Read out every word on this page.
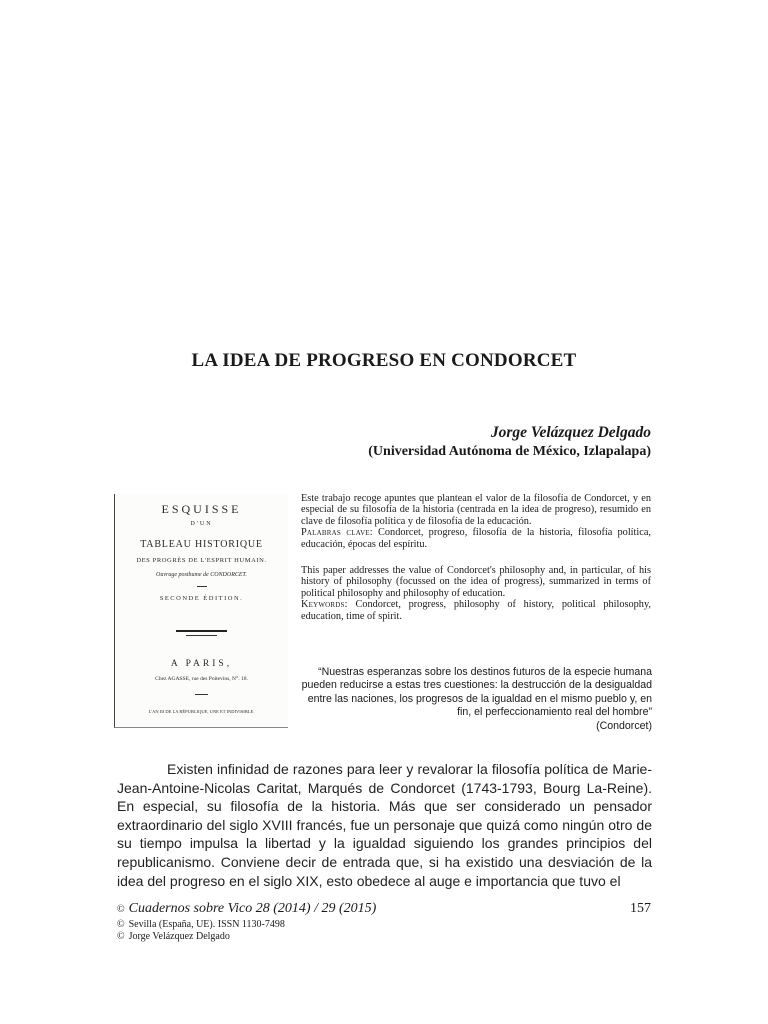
LA IDEA DE PROGRESO EN CONDORCET
Jorge Velázquez Delgado
(Universidad Autónoma de México, Izlapalapa)
ESQUISSE
D'UN
TABLEAU HISTORIQUE
DES PROGRÈS DE L'ESPRIT HUMAIN.
Ouvrage posthume de CONDORCET.
SECONDE ÉDITION.
A PARIS,
Chez AGASSE, rue des Poitevins, N°. 18.
L'AN III DE LA RÉPUBLIQUE, UNE ET INDIVISIBLE.
Este trabajo recoge apuntes que plantean el valor de la filosofía de Condorcet, y en especial de su filosofía de la historia (centrada en la idea de progreso), resumido en clave de filosofía política y de filosofía de la educación.
Palabras clave: Condorcet, progreso, filosofía de la historia, filosofía política, educación, épocas del espíritu.
This paper addresses the value of Condorcet's philosophy and, in particular, of his history of philosophy (focussed on the idea of progress), summarized in terms of political philosophy and philosophy of education.
Keywords: Condorcet, progress, philosophy of history, political philosophy, education, time of spirit.
“Nuestras esperanzas sobre los destinos futuros de la especie humana
pueden reducirse a estas tres cuestiones: la destrucción de la desigualdad
entre las naciones, los progresos de la igualdad en el mismo pueblo y, en
fin, el perfeccionamiento real del hombre”
(Condorcet)
Existen infinidad de razones para leer y revalorar la filosofía política de Marie-Jean-Antoine-Nicolas Caritat, Marqués de Condorcet (1743-1793, Bourg La-Reine). En especial, su filosofía de la historia. Más que ser considerado un pensador extraordinario del siglo XVIII francés, fue un personaje que quizá como ningún otro de su tiempo impulsa la libertad y la igualdad siguiendo los grandes principios del republicanismo. Conviene decir de entrada que, si ha existido una desviación de la idea del progreso en el siglo XIX, esto obedece al auge e importancia que tuvo el
© Cuadernos sobre Vico 28 (2014) / 29 (2015)	157
© Sevilla (España, UE). ISSN 1130-7498
© Jorge Velázquez Delgado
